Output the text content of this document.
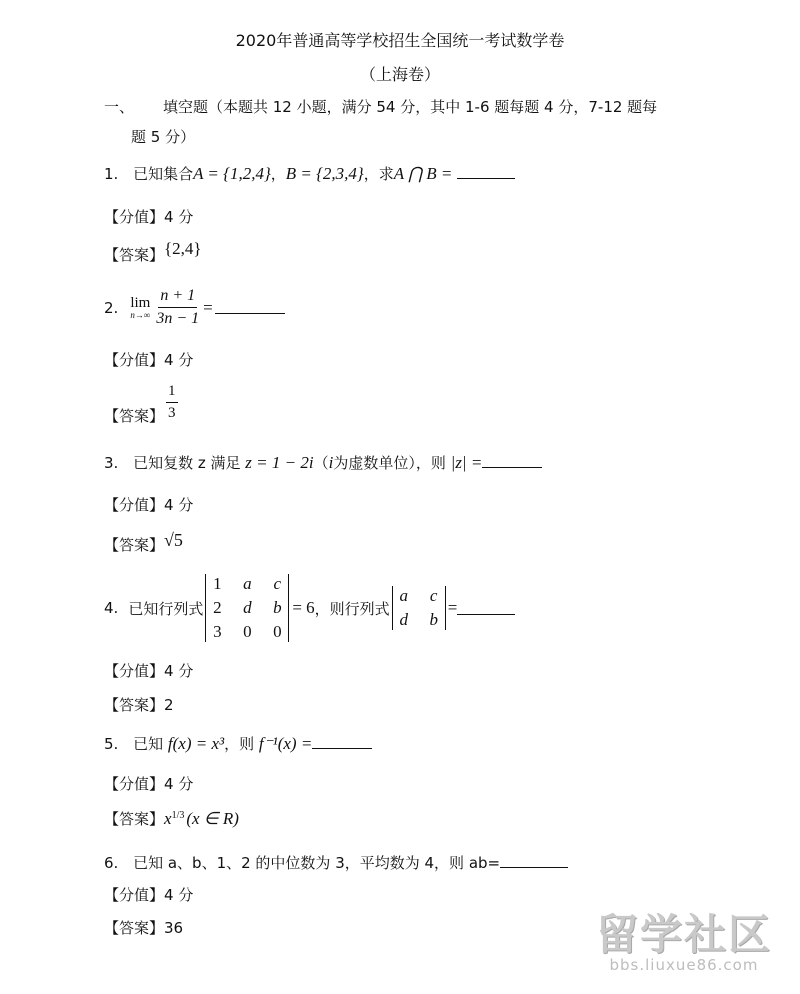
2020年普通高等学校招生全国统一考试数学卷
（上海卷）
一、 填空题（本题共 12 小题，满分 54 分，其中 1-6 题每题 4 分，7-12 题每
题 5 分）
1. 已知集合A = {1,2,4}，B = {2,3,4}，求A ⋂ B =
【分值】4 分
【答案】{2,4}
2. lim
$n\to\infty \frac{n + 1}{3n - 1}$ =
【分值】4 分
【答案】 $\frac{1}{3}$
3. 已知复数 z 满足 z = 1 − 2i（i为虚数单位），则 |z| =
【分值】4 分
【答案】√5
4. 已知行列式
1 a c
2 d b
3 0 0
= 6 ，则行列式
a c
d b
=
【分值】4 分
【答案】2
5. 已知 f(x) = x³，则 f⁻¹(x) =
【分值】4 分
【答案】$x^{1/3}$ (x ∈ R)
6. 已知 a、b、1、2 的中位数为 3，平均数为 4，则 ab=
【分值】4 分
【答案】36	留学社区
bbs.liuxue86.com
